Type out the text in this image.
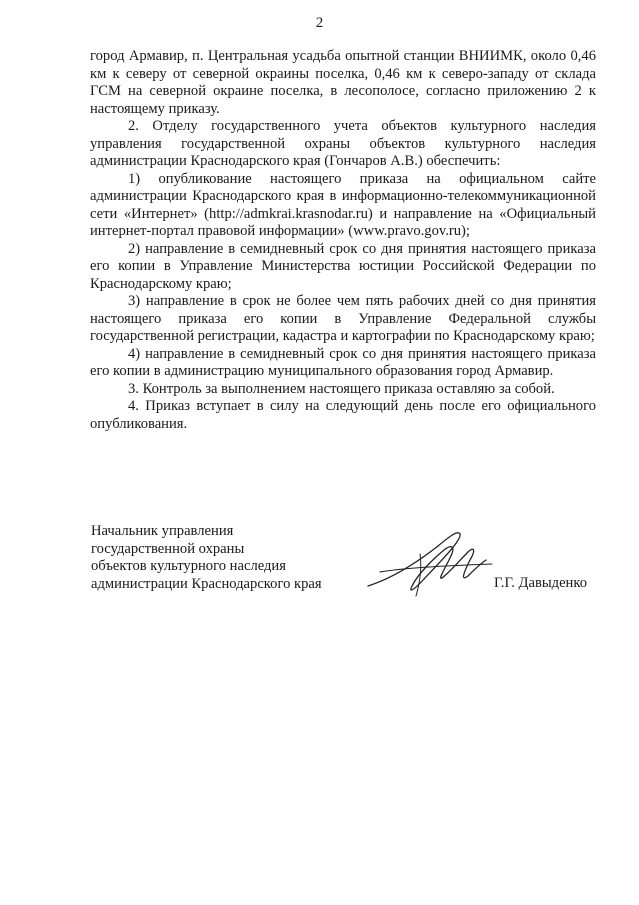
2

город Армавир, п. Центральная усадьба опытной станции ВНИИМК, около 0,46 км к северу от северной окраины поселка, 0,46 км к северо-западу от склада ГСМ на северной окраине поселка, в лесополосе, согласно приложению 2 к настоящему приказу.

2. Отделу государственного учета объектов культурного наследия управления государственной охраны объектов культурного наследия администрации Краснодарского края (Гончаров А.В.) обеспечить:

1) опубликование настоящего приказа на официальном сайте администрации Краснодарского края в информационно-телекоммуникационной сети «Интернет» (http://admkrai.krasnodar.ru) и направление на «Официальный интернет-портал правовой информации» (www.pravo.gov.ru);

2) направление в семидневный срок со дня принятия настоящего приказа его копии в Управление Министерства юстиции Российской Федерации по Краснодарскому краю;

3) направление в срок не более чем пять рабочих дней со дня принятия настоящего приказа его копии в Управление Федеральной службы государственной регистрации, кадастра и картографии по Краснодарскому краю;

4) направление в семидневный срок со дня принятия настоящего приказа его копии в администрацию муниципального образования город Армавир.

3. Контроль за выполнением настоящего приказа оставляю за собой.

4. Приказ вступает в силу на следующий день после его официального опубликования.

Начальник управления
государственной охраны
объектов культурного наследия
администрации Краснодарского края	Г.Г. Давыденко
